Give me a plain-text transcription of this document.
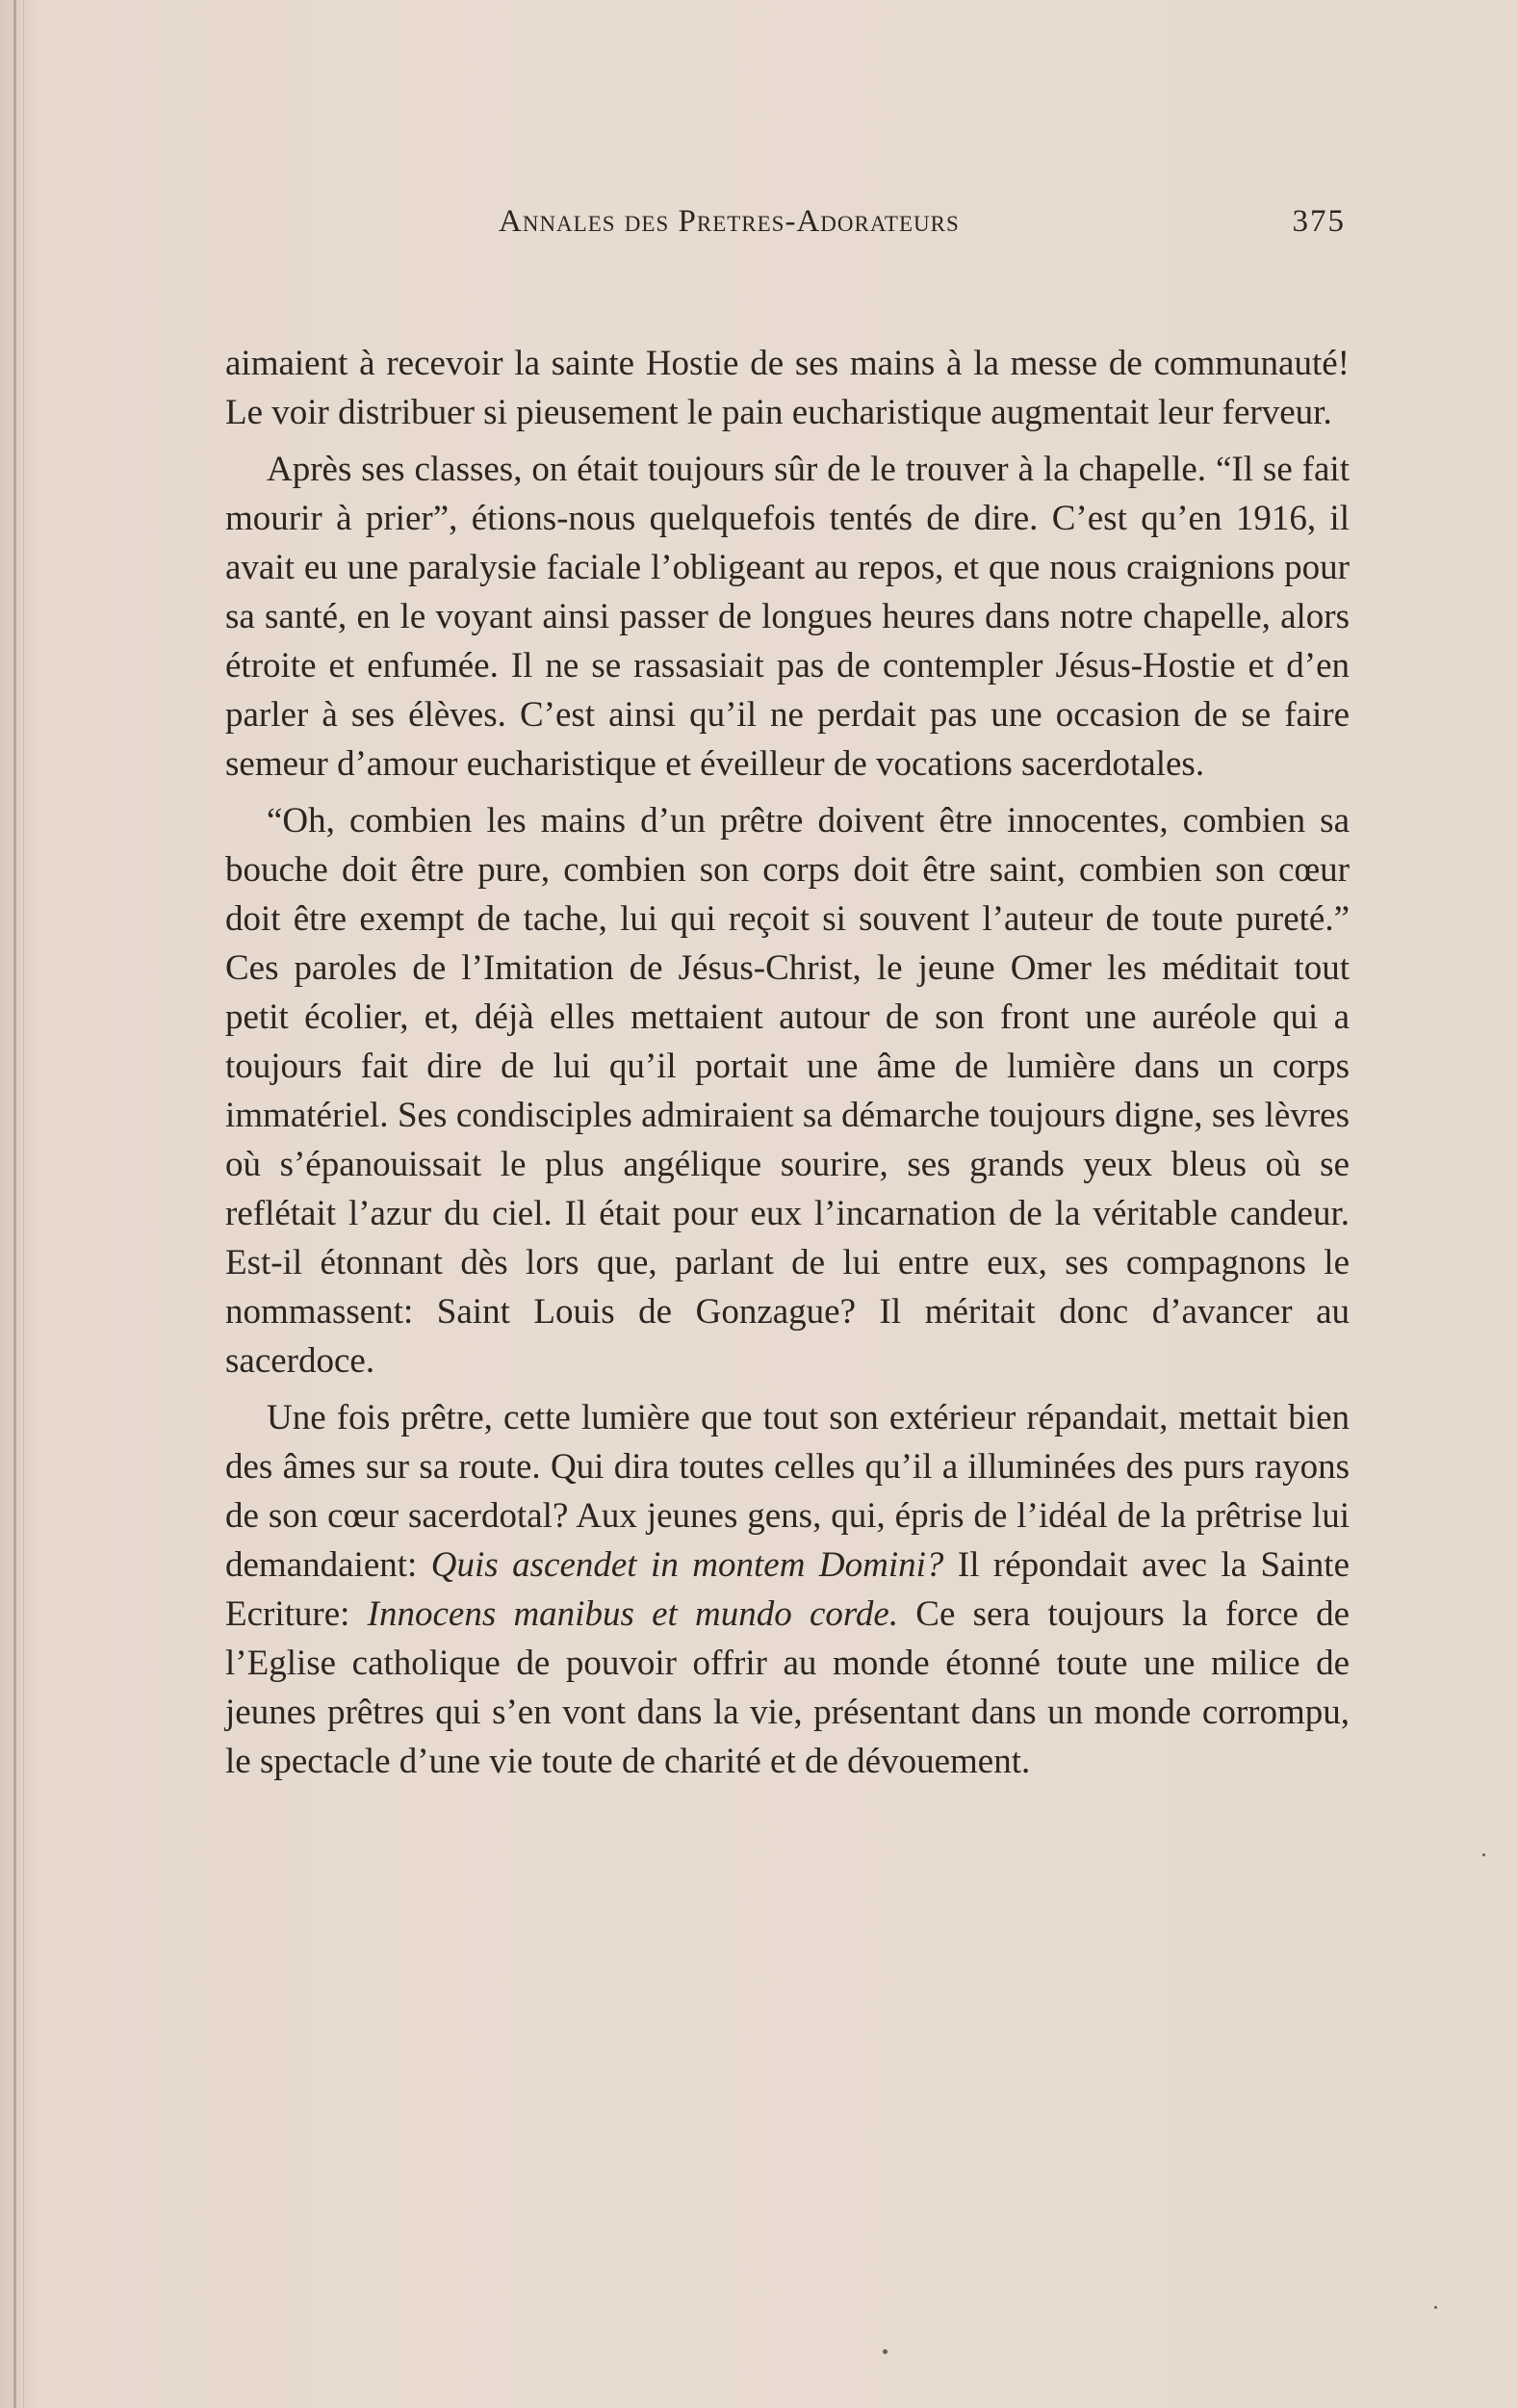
Annales des Pretres-Adorateurs	375

aimaient à recevoir la sainte Hostie de ses mains à la messe de communauté! Le voir distribuer si pieusement le pain eucharistique augmentait leur ferveur.

Après ses classes, on était toujours sûr de le trouver à la chapelle. “Il se fait mourir à prier”, étions-nous quelquefois tentés de dire. C’est qu’en 1916, il avait eu une paralysie faciale l’obligeant au repos, et que nous craignions pour sa santé, en le voyant ainsi passer de longues heures dans notre chapelle, alors étroite et enfumée. Il ne se rassasiait pas de contempler Jésus-Hostie et d’en parler à ses élèves. C’est ainsi qu’il ne perdait pas une occasion de se faire semeur d’amour eucharistique et éveilleur de vocations sacerdotales.

“Oh, combien les mains d’un prêtre doivent être innocentes, combien sa bouche doit être pure, combien son corps doit être saint, combien son cœur doit être exempt de tache, lui qui reçoit si souvent l’auteur de toute pureté.” Ces paroles de l’Imitation de Jésus-Christ, le jeune Omer les méditait tout petit écolier, et, déjà elles mettaient autour de son front une auréole qui a toujours fait dire de lui qu’il portait une âme de lumière dans un corps immatériel. Ses condisciples admiraient sa démarche toujours digne, ses lèvres où s’épanouissait le plus angélique sourire, ses grands yeux bleus où se reflétait l’azur du ciel. Il était pour eux l’incarnation de la véritable candeur. Est-il étonnant dès lors que, parlant de lui entre eux, ses compagnons le nommassent: Saint Louis de Gonzague? Il méritait donc d’avancer au sacerdoce.

Une fois prêtre, cette lumière que tout son extérieur répandait, mettait bien des âmes sur sa route. Qui dira toutes celles qu’il a illuminées des purs rayons de son cœur sacerdotal? Aux jeunes gens, qui, épris de l’idéal de la prêtrise lui demandaient: Quis ascendet in montem Domini? Il répondait avec la Sainte Ecriture: Innocens manibus et mundo corde. Ce sera toujours la force de l’Eglise catholique de pouvoir offrir au monde étonné toute une milice de jeunes prêtres qui s’en vont dans la vie, présentant dans un monde corrompu, le spectacle d’une vie toute de charité et de dévouement.
